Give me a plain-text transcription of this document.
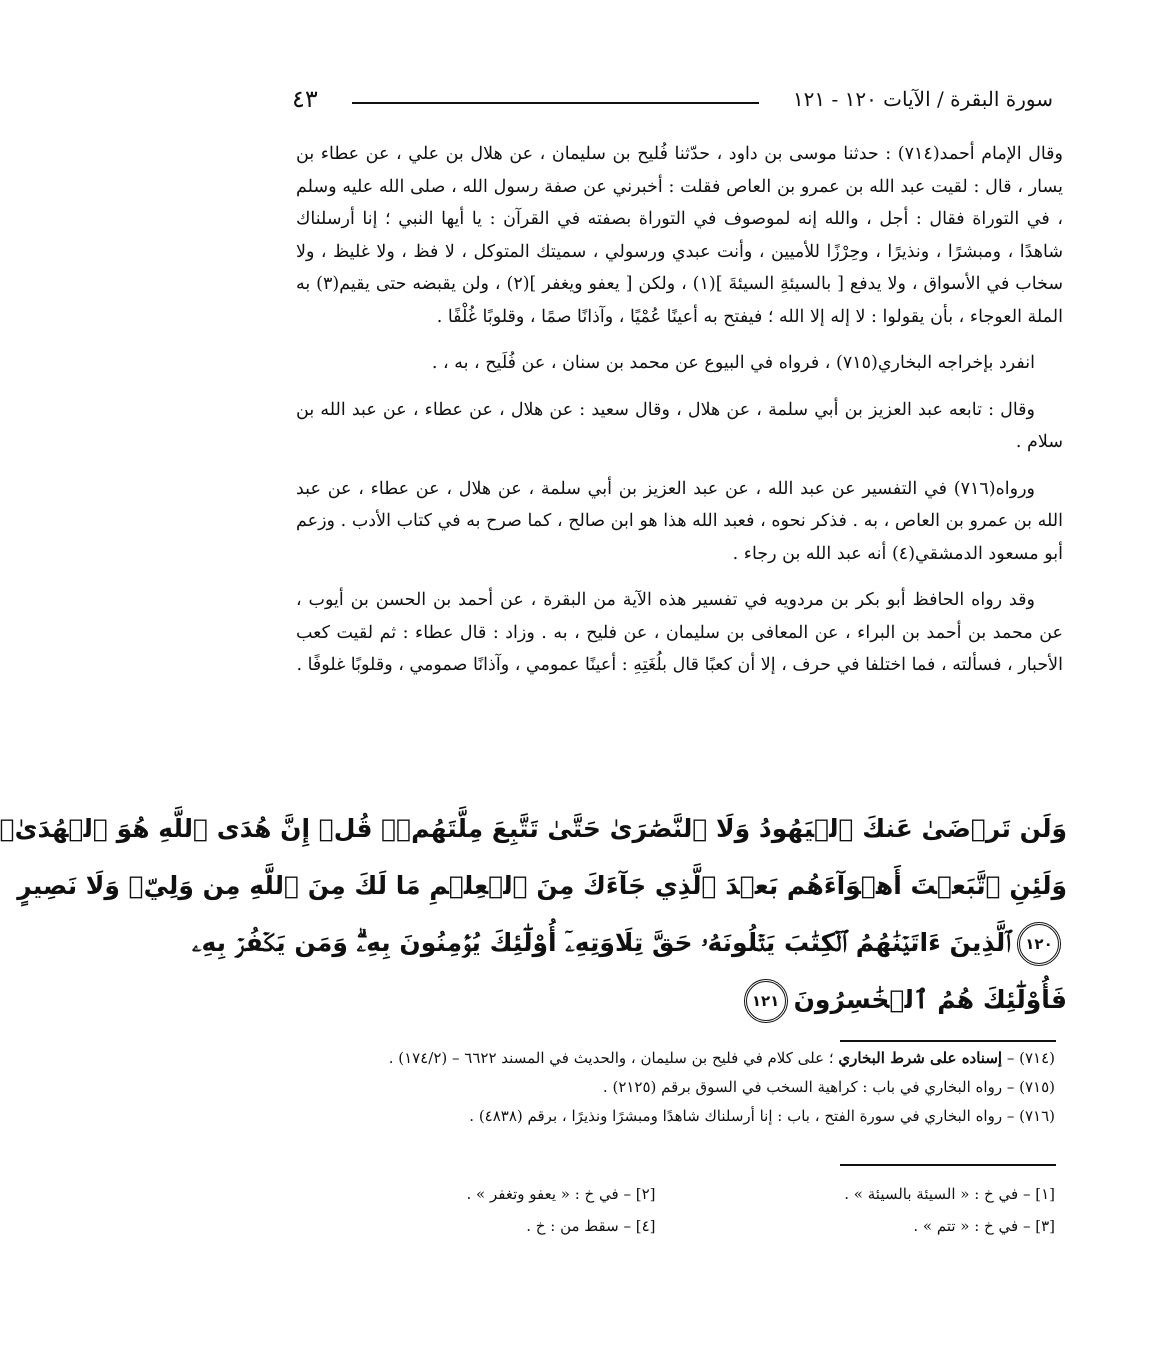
سورة البقرة / الآيات ١٢٠ - ١٢١
٤٣

وقال الإمام أحمد(٧١٤) : حدثنا موسى بن داود ، حدّثنا فُليح بن سليمان ، عن هلال بن علي ، عن عطاء بن يسار ، قال : لقيت عبد الله بن عمرو بن العاص فقلت : أخبرني عن صفة رسول الله ، صلى الله عليه وسلم ، في التوراة فقال : أجل ، والله إنه لموصوف في التوراة بصفته في القرآن : يا أيها النبي ؛ إنا أرسلناك شاهدًا ، ومبشرًا ، ونذيرًا ، وحِرْزًا للأميين ، وأنت عبدي ورسولي ، سميتك المتوكل ، لا فظ ، ولا غليظ ، ولا سخاب في الأسواق ، ولا يدفع [ بالسيئةِ السيئةَ ](١) ، ولكن [ يعفو ويغفر ](٢) ، ولن يقبضه حتى يقيم(٣) به الملة العوجاء ، بأن يقولوا : لا إله إلا الله ؛ فيفتح به أعينًا عُمْيًا ، وآذانًا صمًا ، وقلوبًا غُلْفًا .

انفرد بإخراجه البخاري(٧١٥) ، فرواه في البيوع عن محمد بن سنان ، عن فُلَيح ، به ، .

وقال : تابعه عبد العزيز بن أبي سلمة ، عن هلال ، وقال سعيد : عن هلال ، عن عطاء ، عن عبد الله بن سلام .

ورواه(٧١٦) في التفسير عن عبد الله ، عن عبد العزيز بن أبي سلمة ، عن هلال ، عن عطاء ، عن عبد الله بن عمرو بن العاص ، به . فذكر نحوه ، فعبد الله هذا هو ابن صالح ، كما صرح به في كتاب الأدب . وزعم أبو مسعود الدمشقي(٤) أنه عبد الله بن رجاء .

وقد رواه الحافظ أبو بكر بن مردويه في تفسير هذه الآية من البقرة ، عن أحمد بن الحسن بن أيوب ، عن محمد بن أحمد بن البراء ، عن المعافى بن سليمان ، عن فليح ، به . وزاد : قال عطاء : ثم لقيت كعب الأحبار ، فسألته ، فما اختلفا في حرف ، إلا أن كعبًا قال بلُغَتِهِ : أعينًا عمومي ، وآذانًا صمومي ، وقلوبًا غلوفًا .

وَلَن تَرۡضَىٰ عَنكَ ٱلۡيَهُودُ وَلَا ٱلنَّصَٰرَىٰ حَتَّىٰ تَتَّبِعَ مِلَّتَهُمۡۗ قُلۡ إِنَّ هُدَى ٱللَّهِ هُوَ ٱلۡهُدَىٰۗ

وَلَئِنِ ٱتَّبَعۡتَ أَهۡوَآءَهُم بَعۡدَ ٱلَّذِي جَآءَكَ مِنَ ٱلۡعِلۡمِ مَا لَكَ مِنَ ٱللَّهِ مِن وَلِيّٖ وَلَا نَصِيرٍ

١٢٠ٱلَّذِينَ ءَاتَيۡنَٰهُمُ ٱلۡكِتَٰبَ يَتۡلُونَهُۥ حَقَّ تِلَاوَتِهِۦٓ أُوْلَٰٓئِكَ يُؤۡمِنُونَ بِهِۦۗ وَمَن يَكۡفُرۡ بِهِۦ

فَأُوْلَٰٓئِكَ هُمُ ٱلۡخَٰسِرُونَ١٢١

(٧١٤) – إسناده على شرط البخاري ؛ على كلام في فليح بن سليمان ، والحديث في المسند ٦٦٢٢ – (١٧٤/٢) .

(٧١٥) – رواه البخاري في باب : كراهية السخب في السوق برقم (٢١٢٥) .

(٧١٦) – رواه البخاري في سورة الفتح ، باب : إنا أرسلناك شاهدًا ومبشرًا ونذيرًا ، برقم (٤٨٣٨) .

[١] – في خ : « السيئة بالسيئة » .
[٢] – في خ : « يعفو وتغفر » .
[٣] – في خ : « تتم » .
[٤] – سقط من : خ .
